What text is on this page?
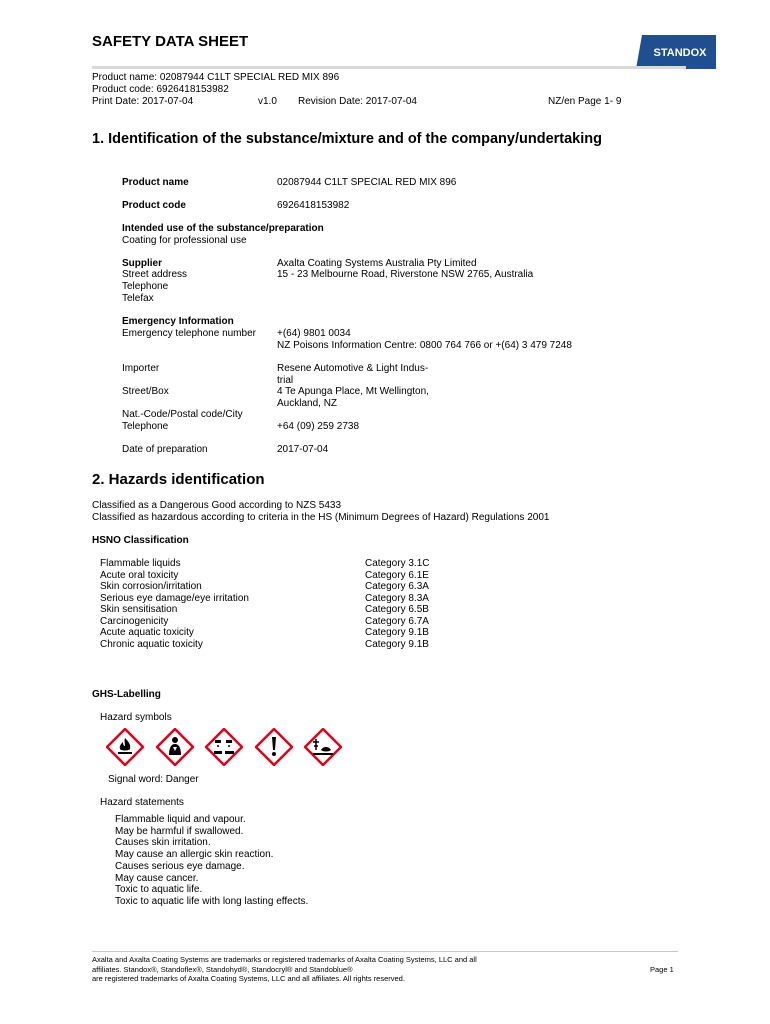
SAFETY DATA SHEET
STANDOX
Product name: 02087944 C1LT SPECIAL RED MIX 896
Product code: 6926418153982
Print Date: 2017-07-04	v1.0 Revision Date: 2017-07-04	NZ/en Page 1- 9
1. Identification of the substance/mixture and of the company/undertaking
Product name	02087944 C1LT SPECIAL RED MIX 896
Product code	6926418153982
Intended use of the substance/preparation
Coating for professional use
Supplier	Axalta Coating Systems Australia Pty Limited
Street address	15 - 23 Melbourne Road, Riverstone NSW 2765, Australia
Telephone
Telefax
Emergency Information
Emergency telephone number +(64) 9801 0034
NZ Poisons Information Centre: 0800 764 766 or +(64) 3 479 7248
Importer	Resene Automotive & Light Indus-
trial
Street/Box	4 Te Apunga Place, Mt Wellington,
Auckland, NZ
Nat.-Code/Postal code/City
Telephone	+64 (09) 259 2738
Date of preparation	2017-07-04
2. Hazards identification
Classified as a Dangerous Good according to NZS 5433
Classified as hazardous according to criteria in the HS (Minimum Degrees of Hazard) Regulations 2001
HSNO Classification
Flammable liquids	Category 3.1C
Acute oral toxicity	Category 6.1E
Skin corrosion/irritation	Category 6.3A
Serious eye damage/eye irritation	Category 8.3A
Skin sensitisation	Category 6.5B
Carcinogenicity	Category 6.7A
Acute aquatic toxicity	Category 9.1B
Chronic aquatic toxicity	Category 9.1B
GHS-Labelling
Hazard symbols
Signal word: Danger
Hazard statements
Flammable liquid and vapour.
May be harmful if swallowed.
Causes skin irritation.
May cause an allergic skin reaction.
Causes serious eye damage.
May cause cancer.
Toxic to aquatic life.
Toxic to aquatic life with long lasting effects.
Axalta and Axalta Coating Systems are trademarks or registered trademarks of Axalta Coating Systems, LLC and all
affiliates. Standox®, Standoflex®, Standohyd®, Standocryl® and Standoblue®
are registered trademarks of Axalta Coating Systems, LLC and all affiliates. All rights reserved.
Page 1
